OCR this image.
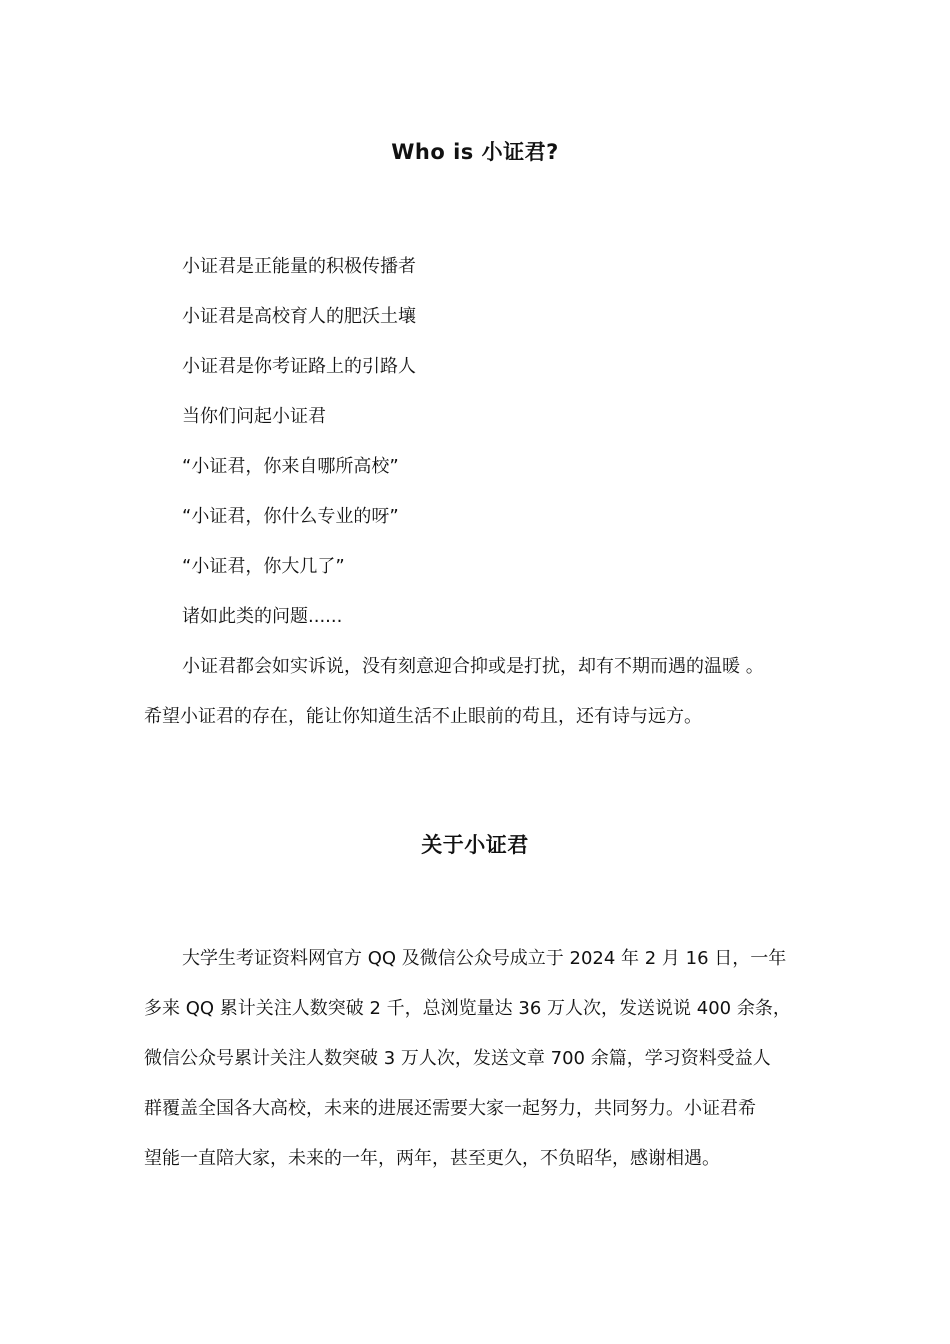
Who is 小证君?

小证君是正能量的积极传播者

小证君是高校育人的肥沃土壤

小证君是你考证路上的引路人

当你们问起小证君

“小证君，你来自哪所高校”

“小证君，你什么专业的呀”

“小证君，你大几了”

诸如此类的问题......

小证君都会如实诉说，没有刻意迎合抑或是打扰，却有不期而遇的温暖 。

希望小证君的存在，能让你知道生活不止眼前的苟且，还有诗与远方。

关于小证君

大学生考证资料网官方 QQ 及微信公众号成立于 2024 年 2 月 16 日，一年

多来 QQ 累计关注人数突破 2 千，总浏览量达 36 万人次，发送说说 400 余条，

微信公众号累计关注人数突破 3 万人次，发送文章 700 余篇，学习资料受益人

群覆盖全国各大高校，未来的进展还需要大家一起努力，共同努力。小证君希

望能一直陪大家，未来的一年，两年，甚至更久，不负昭华，感谢相遇。
